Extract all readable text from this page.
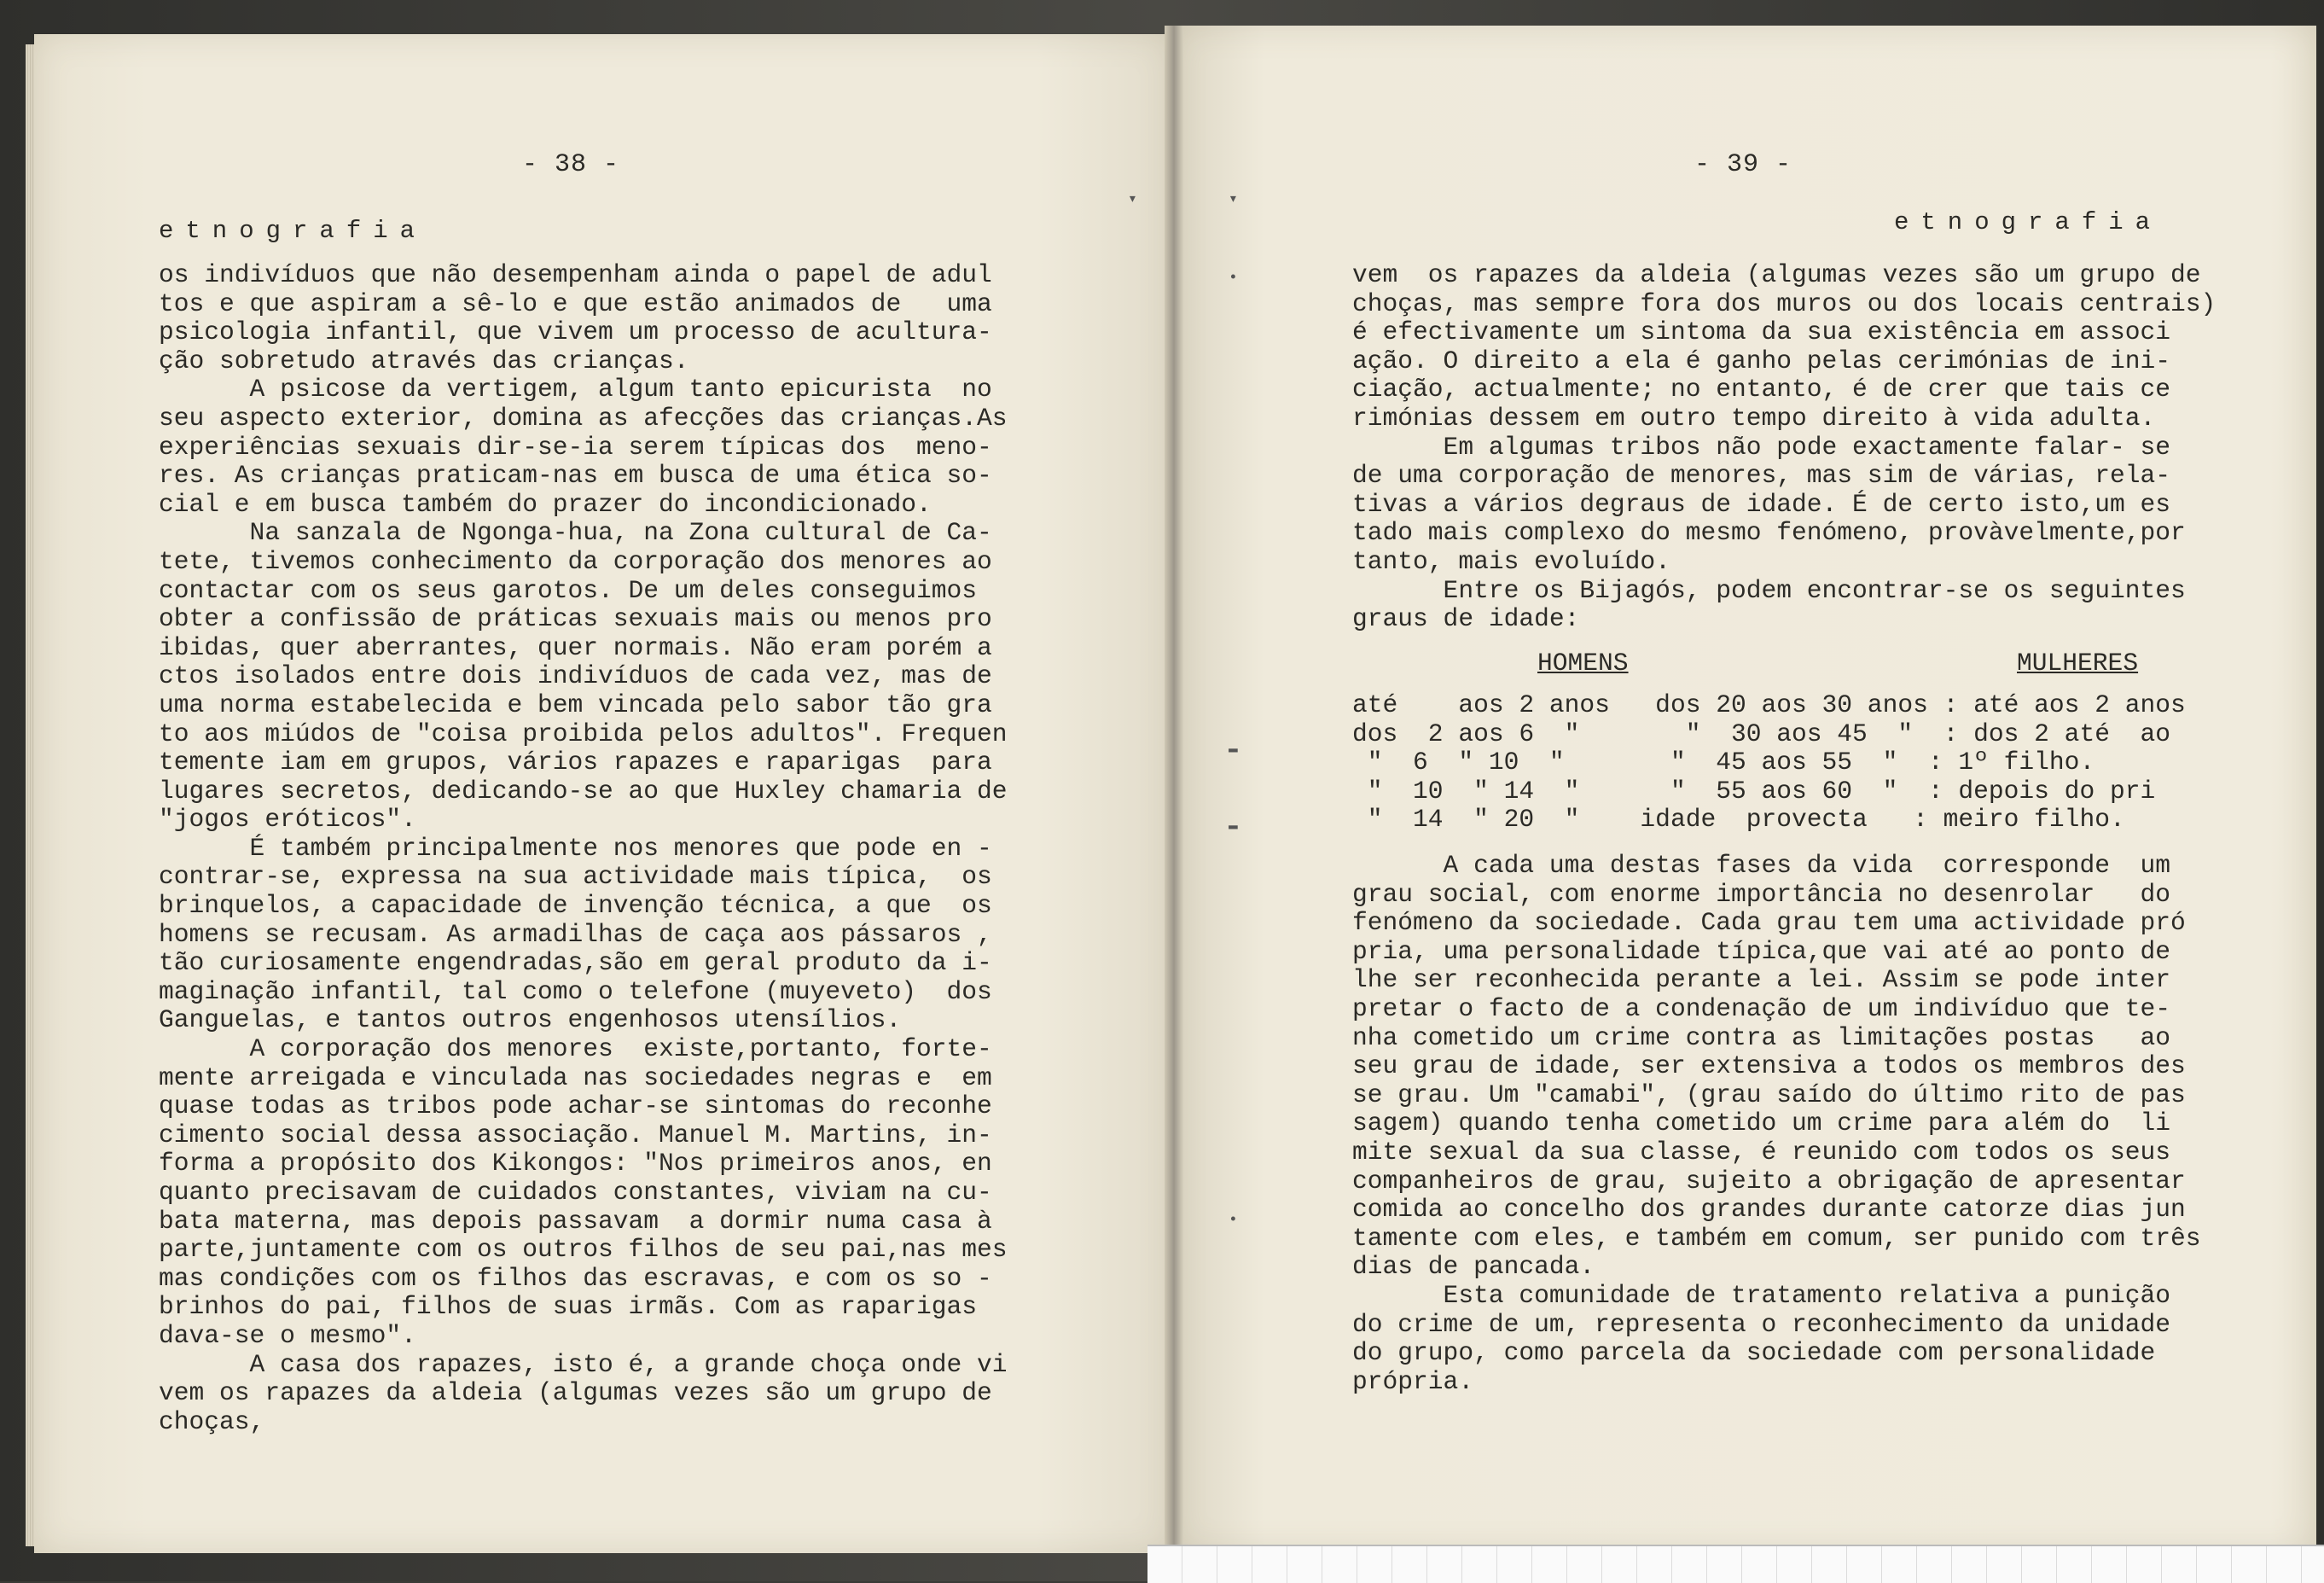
- 38 -
etnografia
os indivíduos que não desempenham ainda o papel de adul
tos e que aspiram a sê-lo e que estão animados de   uma
psicologia infantil, que vivem um processo de acultura-
ção sobretudo através das crianças.
A psicose da vertigem, algum tanto epicurista  no
seu aspecto exterior, domina as afecções das crianças.As
experiências sexuais dir-se-ia serem típicas dos  meno-
res. As crianças praticam-nas em busca de uma ética so-
cial e em busca também do prazer do incondicionado.
Na sanzala de Ngonga-hua, na Zona cultural de Ca-
tete, tivemos conhecimento da corporação dos menores ao
contactar com os seus garotos. De um deles conseguimos
obter a confissão de práticas sexuais mais ou menos pro
ibidas, quer aberrantes, quer normais. Não eram porém a
ctos isolados entre dois indivíduos de cada vez, mas de
uma norma estabelecida e bem vincada pelo sabor tão gra
to aos miúdos de "coisa proibida pelos adultos". Frequen
temente iam em grupos, vários rapazes e raparigas  para
lugares secretos, dedicando-se ao que Huxley chamaria de
"jogos eróticos".
É também principalmente nos menores que pode en -
contrar-se, expressa na sua actividade mais típica,  os
brinquelos, a capacidade de invenção técnica, a que  os
homens se recusam. As armadilhas de caça aos pássaros ,
tão curiosamente engendradas,são em geral produto da i-
maginação infantil, tal como o telefone (muyeveto)  dos
Ganguelas, e tantos outros engenhosos utensílios.
A corporação dos menores  existe,portanto, forte-
mente arreigada e vinculada nas sociedades negras e  em
quase todas as tribos pode achar-se sintomas do reconhe
cimento social dessa associação. Manuel M. Martins, in-
forma a propósito dos Kikongos: "Nos primeiros anos, en
quanto precisavam de cuidados constantes, viviam na cu-
bata materna, mas depois passavam  a dormir numa casa à
parte,juntamente com os outros filhos de seu pai,nas mes
mas condições com os filhos das escravas, e com os so -
brinhos do pai, filhos de suas irmãs. Com as raparigas
dava-se o mesmo".
A casa dos rapazes, isto é, a grande choça onde vi
vem os rapazes da aldeia (algumas vezes são um grupo de
choças,
- 39 -
etnografia
vem  os rapazes da aldeia (algumas vezes são um grupo de
choças, mas sempre fora dos muros ou dos locais centrais)
é efectivamente um sintoma da sua existência em associ
ação. O direito a ela é ganho pelas cerimónias de ini-
ciação, actualmente; no entanto, é de crer que tais ce
rimónias dessem em outro tempo direito à vida adulta.
Em algumas tribos não pode exactamente falar- se
de uma corporação de menores, mas sim de várias, rela-
tivas a vários degraus de idade. É de certo isto,um es
tado mais complexo do mesmo fenómeno, provàvelmente,por
tanto, mais evoluído.
Entre os Bijagós, podem encontrar-se os seguintes
graus de idade:
HOMENS	MULHERES
até    aos 2 anos   dos 20 aos 30 anos : até aos 2 anos
dos  2 aos 6  "       "  30 aos 45  "  : dos 2 até  ao
"  6  " 10  "       "  45 aos 55  "  : 1º filho.
"  10  " 14  "      "  55 aos 60  "  : depois do pri
"  14  " 20  "    idade  provecta   : meiro filho.
A cada uma destas fases da vida  corresponde  um
grau social, com enorme importância no desenrolar   do
fenómeno da sociedade. Cada grau tem uma actividade pró
pria, uma personalidade típica,que vai até ao ponto de
lhe ser reconhecida perante a lei. Assim se pode inter
pretar o facto de a condenação de um indivíduo que te-
nha cometido um crime contra as limitações postas   ao
seu grau de idade, ser extensiva a todos os membros des
se grau. Um "camabi", (grau saído do último rito de pas
sagem) quando tenha cometido um crime para além do  li
mite sexual da sua classe, é reunido com todos os seus
companheiros de grau, sujeito a obrigação de apresentar
comida ao concelho dos grandes durante catorze dias jun
tamente com eles, e também em comum, ser punido com três
dias de pancada.
Esta comunidade de tratamento relativa a punição
do crime de um, representa o reconhecimento da unidade
do grupo, como parcela da sociedade com personalidade
própria.
▾	▾
•
▬
▬
•
